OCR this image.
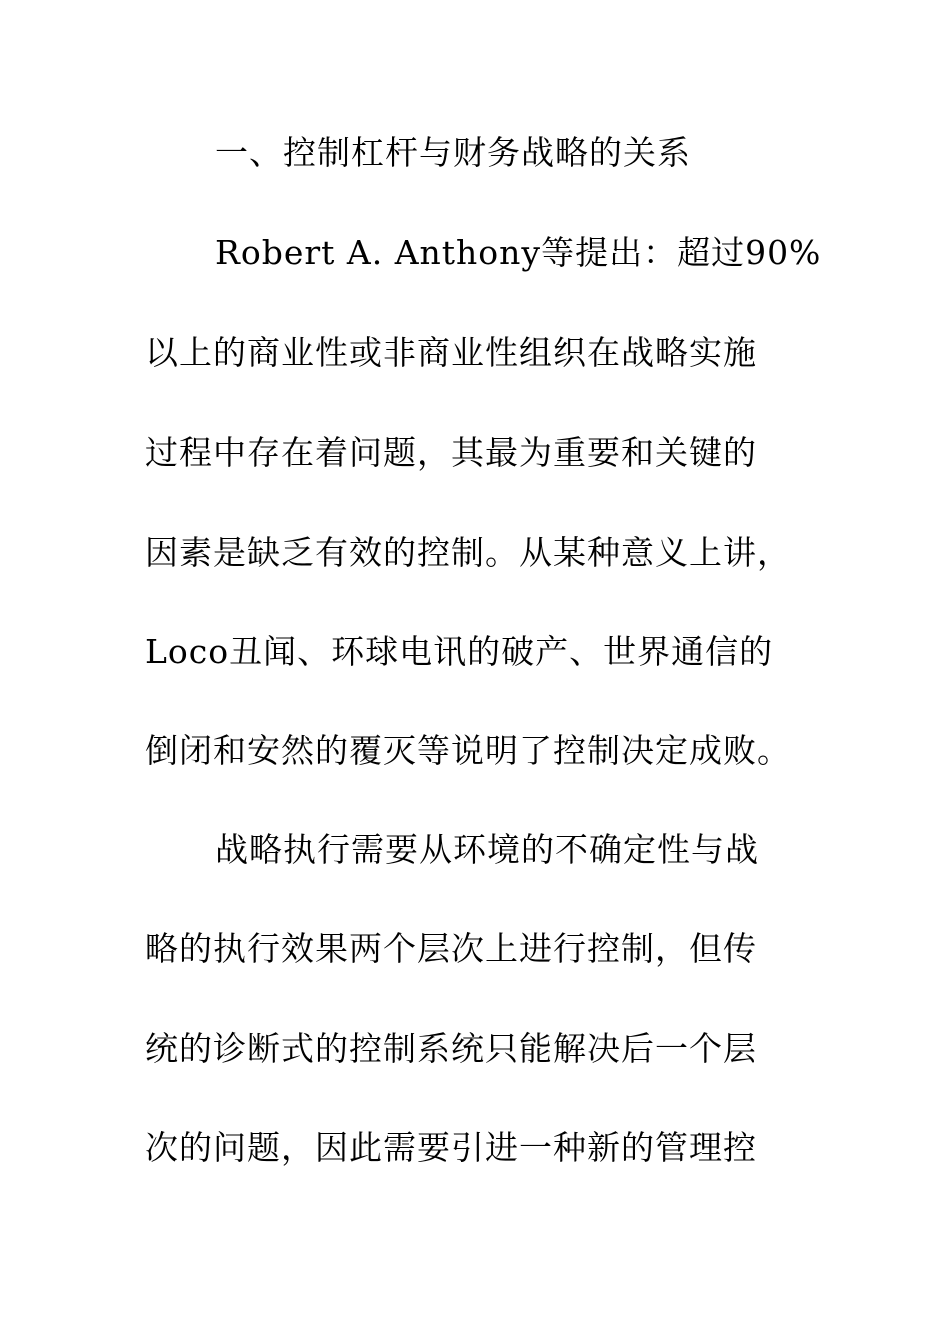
一、控制杠杆与财务战略的关系
Robert A. Anthony等提出：超过90%
以上的商业性或非商业性组织在战略实施
过程中存在着问题，其最为重要和关键的
因素是缺乏有效的控制。从某种意义上讲，
Loco丑闻、环球电讯的破产、世界通信的
倒闭和安然的覆灭等说明了控制决定成败。
战略执行需要从环境的不确定性与战
略的执行效果两个层次上进行控制，但传
统的诊断式的控制系统只能解决后一个层
次的问题，因此需要引进一种新的管理控
